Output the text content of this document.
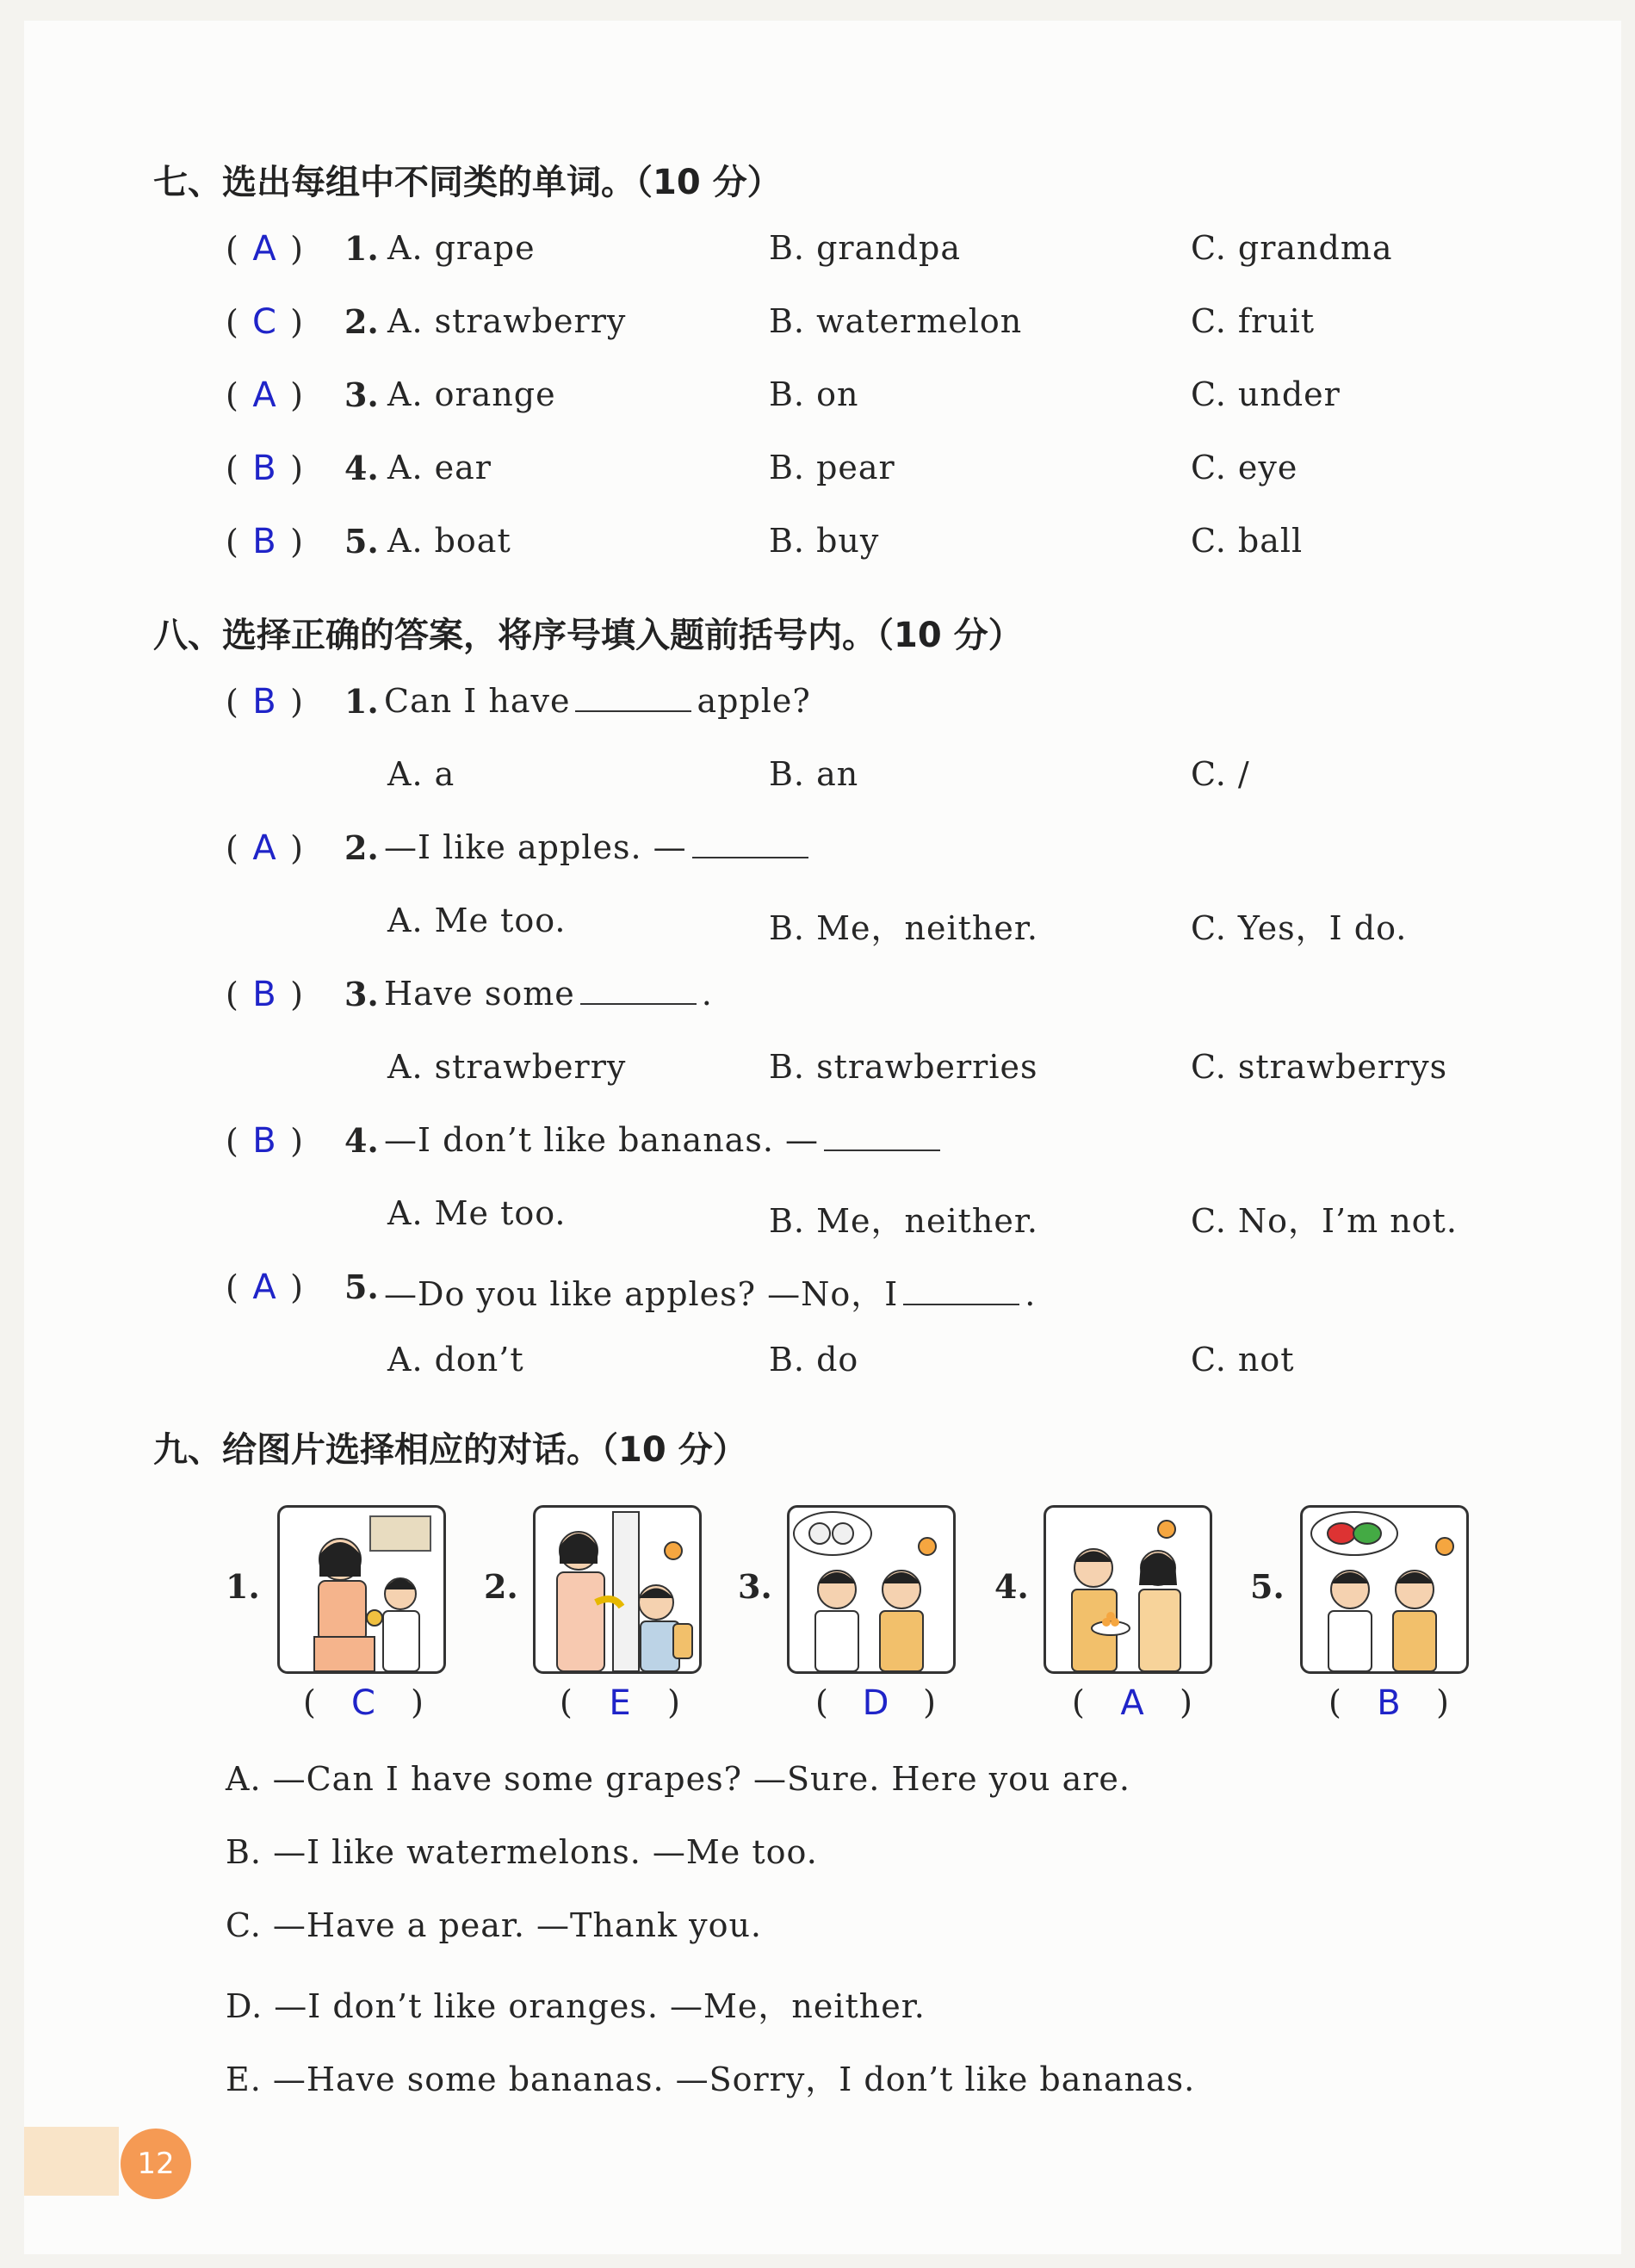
七、选出每组中不同类的单词。（10 分）
( A ) 1. A. grape	B. grandpa	C. grandma
( C ) 2. A. strawberry	B. watermelon	C. fruit
( A ) 3. A. orange	B. on	C. under
( B ) 4. A. ear	B. pear	C. eye
( B ) 5. A. boat	B. buy	C. ball
八、选择正确的答案，将序号填入题前括号内。（10 分）
( B ) 1. Can I have	apple?
A. a	B. an	C. /
( A ) 2. —I like apples. —
A. Me too.	B. Me，neither.	C. Yes，I do.
( B ) 3. Have some	.
A. strawberry	B. strawberries	C. strawberrys
( B ) 4. —I don’t like bananas. —
A. Me too.	B. Me，neither.	C. No，I’m not.
( A ) 5. —Do you like apples? —No，I	.
A. don’t	B. do	C. not
九、给图片选择相应的对话。（10 分）
1.	2.	3.	4.	5.
( C )	( E )	( D )	( A )	( B )
A. —Can I have some grapes? —Sure. Here you are.
B. —I like watermelons. —Me too.
C. —Have a pear. —Thank you.
D. —I don’t like oranges. —Me，neither.
E. —Have some bananas. —Sorry，I don’t like bananas.
12
